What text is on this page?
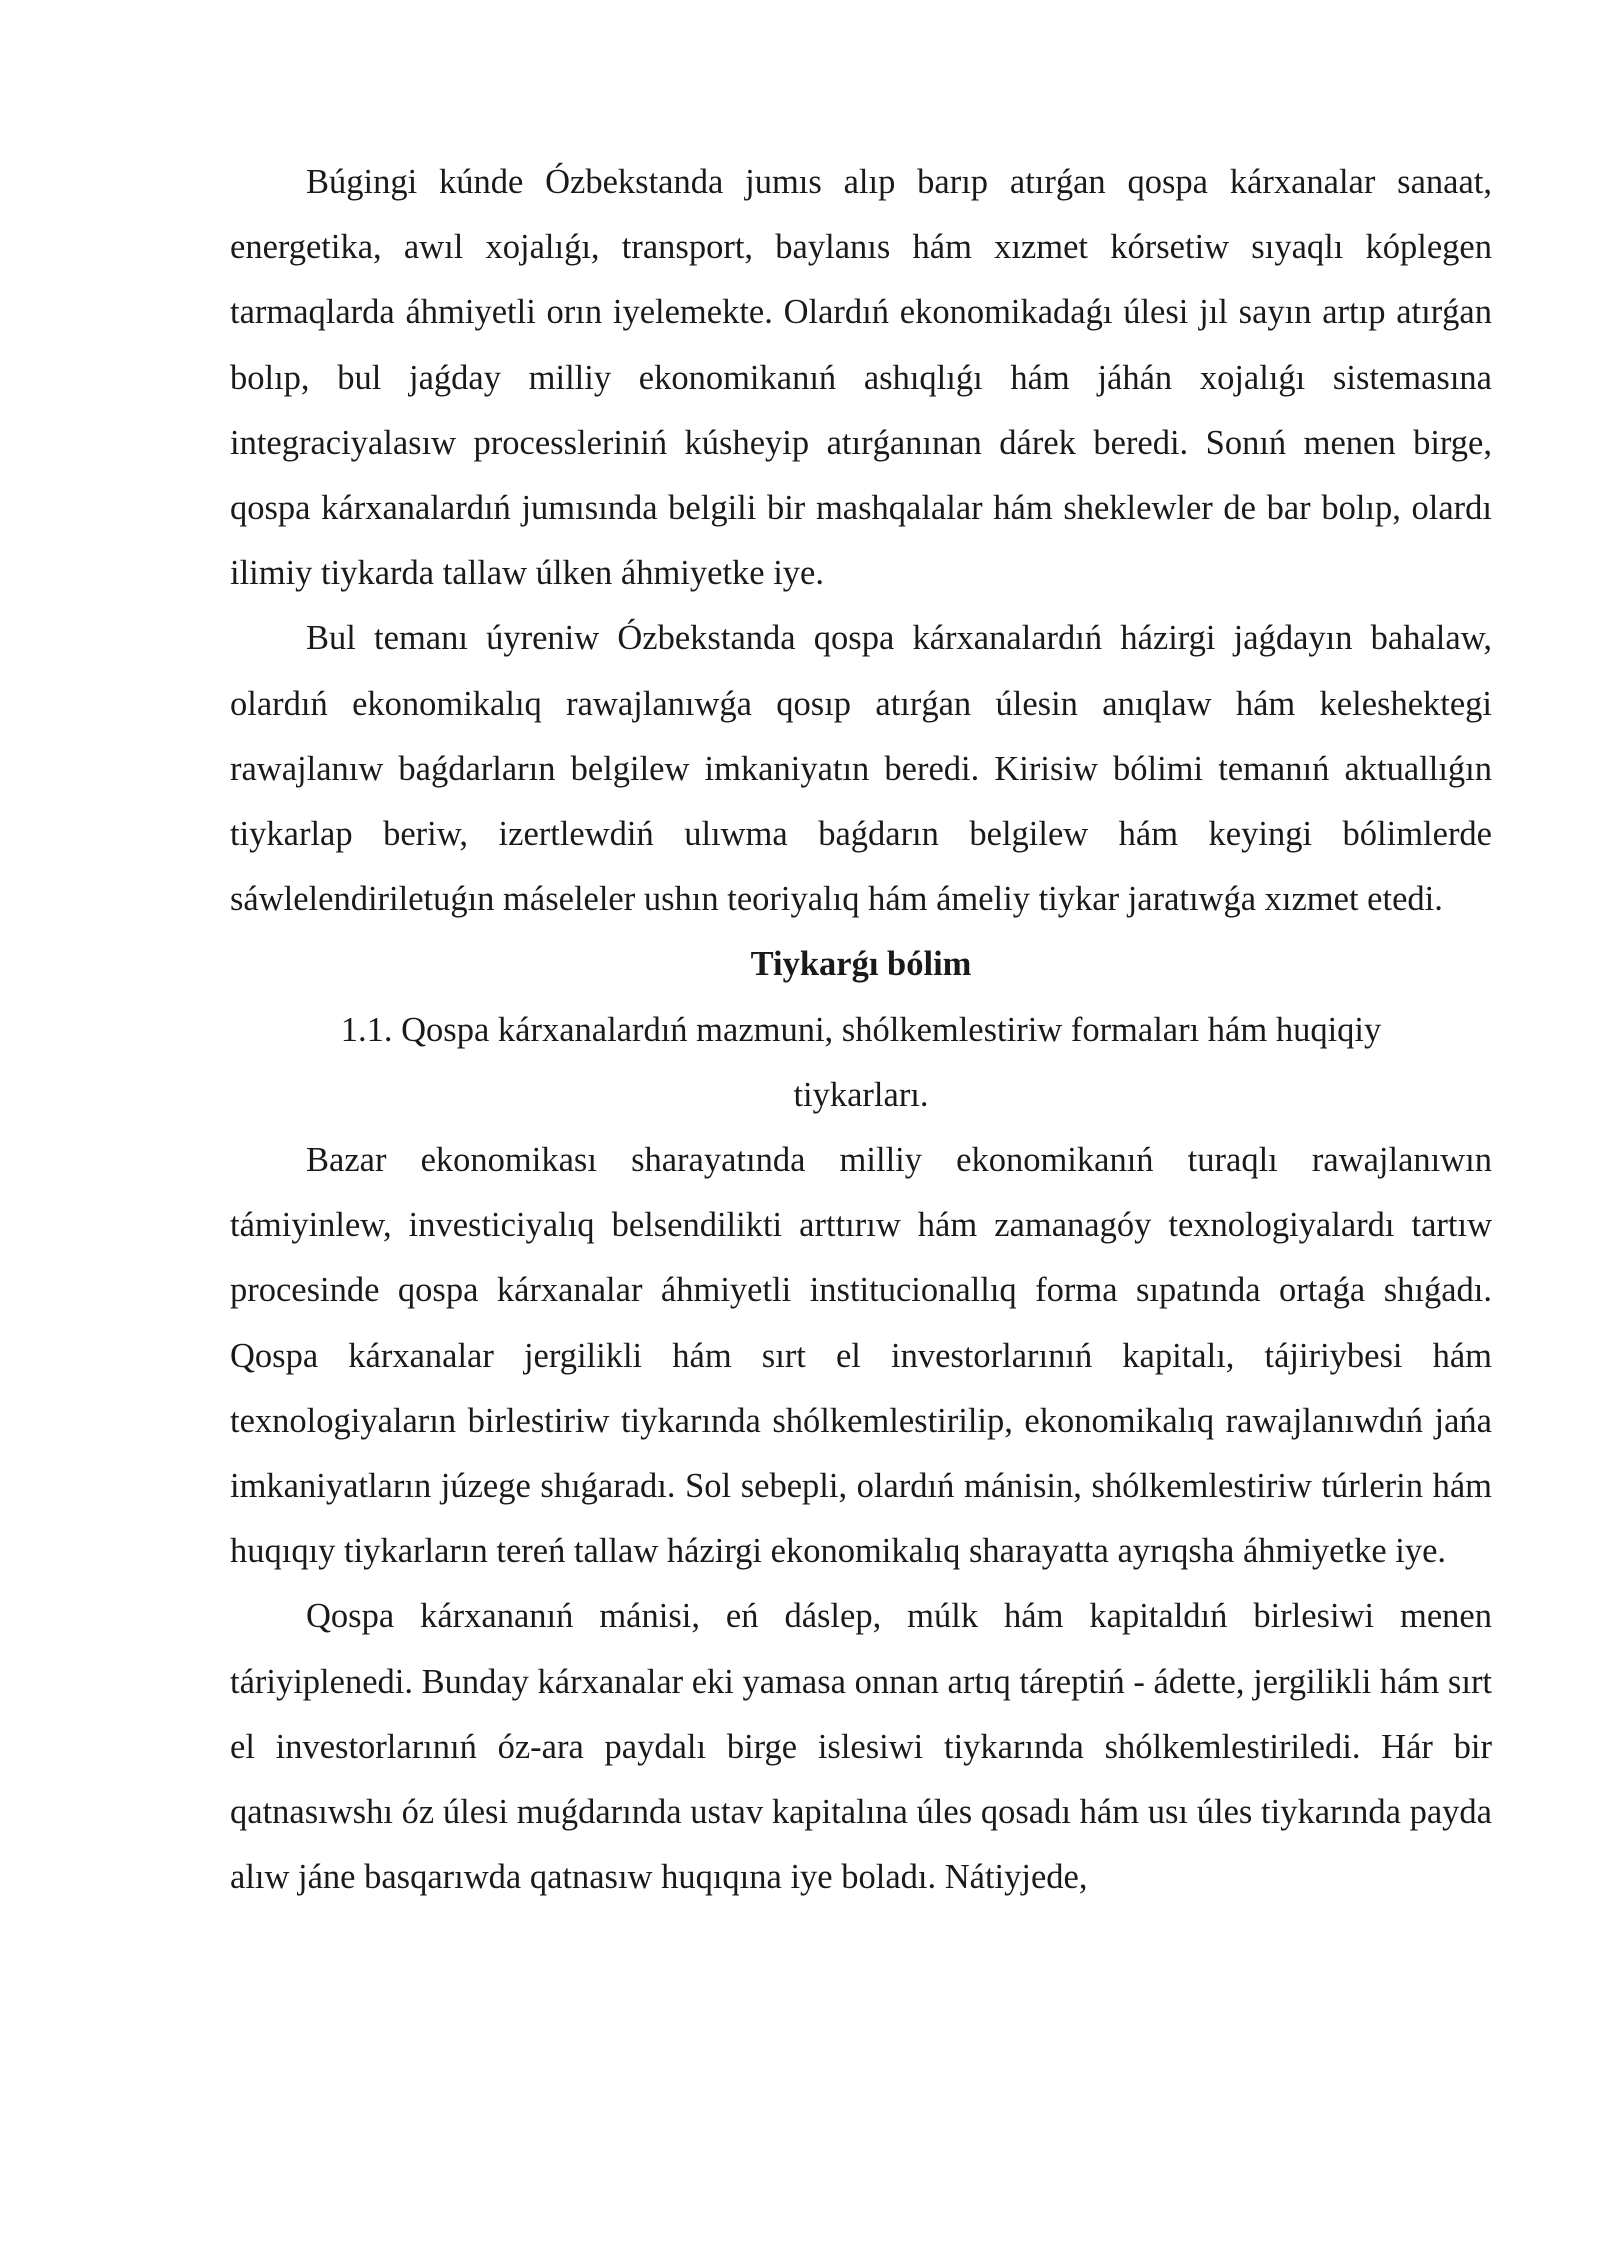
Búgingi kúnde Ózbekstanda jumıs alıp barıp atırǵan qospa kárxanalar sanaat, energetika, awıl xojalıǵı, transport, baylanıs hám xızmet kórsetiw sıyaqlı kóplegen tarmaqlarda áhmiyetli orın iyelemekte. Olardıń ekonomikadaǵı úlesi jıl sayın artıp atırǵan bolıp, bul jaǵday milliy ekonomikanıń ashıqlıǵı hám jáhán xojalıǵı sistemasına integraciyalasıw processleriniń kúsheyip atırǵanınan dárek beredi. Sonıń menen birge, qospa kárxanalardıń jumısında belgili bir mashqalalar hám sheklewler de bar bolıp, olardı ilimiy tiykarda tallaw úlken áhmiyetke iye.

Bul temanı úyreniw Ózbekstanda qospa kárxanalardıń házirgi jaǵdayın bahalaw, olardıń ekonomikalıq rawajlanıwǵa qosıp atırǵan úlesin anıqlaw hám keleshektegi rawajlanıw baǵdarların belgilew imkaniyatın beredi. Kirisiw bólimi temanıń aktuallıǵın tiykarlap beriw, izertlewdiń ulıwma baǵdarın belgilew hám keyingi bólimlerde sáwlelendiriletuǵın máseleler ushın teoriyalıq hám ámeliy tiykar jaratıwǵa xızmet etedi.

Tiykarǵı bólim
1.1. Qospa kárxanalardıń mazmuni, shólkemlestiriw formaları hám huqiqiy tiykarları.

Bazar ekonomikası sharayatında milliy ekonomikanıń turaqlı rawajlanıwın támiyinlew, investiciyalıq belsendilikti arttırıw hám zamanagóy texnologiyalardı tartıw procesinde qospa kárxanalar áhmiyetli institucionallıq forma sıpatında ortaǵa shıǵadı. Qospa kárxanalar jergilikli hám sırt el investorlarınıń kapitalı, tájiriybesi hám texnologiyaların birlestiriw tiykarında shólkemlestirilip, ekonomikalıq rawajlanıwdıń jańa imkaniyatların júzege shıǵaradı. Sol sebepli, olardıń mánisin, shólkemlestiriw túrlerin hám huqıqıy tiykarların tereń tallaw házirgi ekonomikalıq sharayatta ayrıqsha áhmiyetke iye.

Qospa kárxananıń mánisi, eń dáslep, múlk hám kapitaldıń birlesiwi menen táriyiplenedi. Bunday kárxanalar eki yamasa onnan artıq táreptiń - ádette, jergilikli hám sırt el investorlarınıń óz-ara paydalı birge islesiwi tiykarında shólkemlestiriledi. Hár bir qatnasıwshı óz úlesi muǵdarında ustav kapitalına úles qosadı hám usı úles tiykarında payda alıw jáne basqarıwda qatnasıw huqıqına iye boladı. Nátiyjede,
